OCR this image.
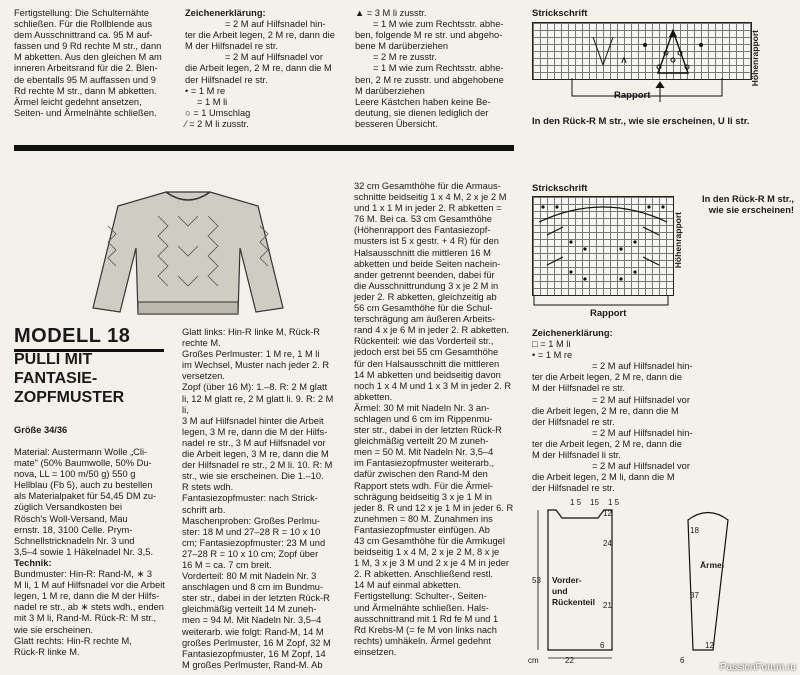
Fertigstellung: Die Schulternähte
schließen. Für die Rollblende aus
dem Ausschnittrand ca. 95 M auf-
fassen und 9 Rd rechte M str., dann
M abketten. Aus den gleichen M am
inneren Arbeitsrand für die 2. Blen-
de ebentalls 95 M auffassen und 9
Rd rechte M str., dann M abketten.
Ärmel leicht gedehnt ansetzen,
Seiten- und Ärmelnähte schließen.
Zeichenerklärung:
= 2 M auf Hilfsnadel hin-
ter die Arbeit legen, 2 M re, dann die
M der Hilfsnadel re str.
= 2 M auf Hilfsnadel vor
die Arbeit legen, 2 M re, dann die M
der Hilfsnadel re str.
• = 1 M re
= 1 M li
○ = 1 Umschlag
⁄ = 2 M li zusstr.
▲ = 3 M li zusstr.
= 1 M wie zum Rechtsstr. abhe-
ben, folgende M re str. und abgeho-
bene M darüberziehen
= 2 M re zusstr.
= 1 M wie zum Rechtsstr. abhe-
ben, 2 M re zusstr. und abgehobene
M darüberziehen
Leere Kästchen haben keine Be-
deutung, sie dienen lediglich der
besseren Übersicht.
Strickschrift
ʌ	Höhenrapport
Rapport
In den Rück-R M str., wie sie erscheinen, U li str.
MODELL 18
PULLI MIT
FANTASIE-
ZOPFMUSTER
Größe 34/36
Material: Austermann Wolle „Cli-
mate" (50% Baumwolle, 50% Du-
nova, LL = 100 m/50 g) 550 g
Hellblau (Fb 5), auch zu bestellen
als Materialpaket für 54,45 DM zu-
züglich Versandkosten bei
Rösch's Woll-Versand, Mau
ernstr. 18, 3100 Celle. Prym-
Schnellstricknadeln Nr. 3 und
3,5–4 sowie 1 Häkelnadel Nr. 3,5.
Technik:
Bundmuster: Hin-R: Rand-M, ∗ 3
M li, 1 M auf Hilfsnadel vor die Arbeit
legen, 1 M re, dann die M der Hilfs-
nadel re str., ab ∗ stets wdh., enden
mit 3 M li, Rand-M. Rück-R: M str.,
wie sie erscheinen.
Glatt rechts: Hin-R rechte M,
Rück-R linke M.
Glatt links: Hin-R linke M, Rück-R
rechte M.
Großes Perlmuster: 1 M re, 1 M li
im Wechsel, Muster nach jeder 2. R
versetzen.
Zopf (über 16 M): 1.–8. R: 2 M glatt
li, 12 M glatt re, 2 M glatt li. 9. R: 2 M li,
3 M auf Hilfsnadel hinter die Arbeit
legen, 3 M re, dann die M der Hilfs-
nadel re str., 3 M auf Hilfsnadel vor
die Arbeit legen, 3 M re, dann die M
der Hilfsnadel re str., 2 M li. 10. R: M
str., wie sie erscheinen. Die 1.–10.
R stets wdh.
Fantasiezopfmuster: nach Strick-
schrift arb.
Maschenproben: Großes Perlmu-
ster: 18 M und 27–28 R = 10 x 10
cm; Fantasiezopfmuster: 23 M und
27–28 R = 10 x 10 cm; Zopf über
16 M = ca. 7 cm breit.
Vorderteil: 80 M mit Nadeln Nr. 3
anschlagen und 8 cm im Bundmu-
ster str., dabei in der letzten Rück-R
gleichmäßig verteilt 14 M zuneh-
men = 94 M. Mit Nadeln Nr. 3,5–4
weiterarb. wie folgt: Rand-M, 14 M
großes Perlmuster, 16 M Zopf, 32 M
Fantasiezopfmuster, 16 M Zopf, 14
M großes Perlmuster, Rand-M. Ab
32 cm Gesamthöhe für die Armaus-
schnitte beidseitig 1 x 4 M, 2 x je 2 M
und 1 x 1 M in jeder 2. R abketten =
76 M. Bei ca. 53 cm Gesamthöhe
(Höhenrapport des Fantasiezopf-
musters ist 5 x gestr. + 4 R) für den
Halsausschnitt die mittleren 16 M
abketten und beide Seiten nachein-
ander getrennt beenden, dabei für
die Ausschnittrundung 3 x je 2 M in
jeder 2. R abketten, gleichzeitig ab
56 cm Gesamthöhe für die Schul-
terschrägung am äußeren Arbeits-
rand 4 x je 6 M in jeder 2. R abketten.
Rückenteil: wie das Vorderteil str.,
jedoch erst bei 55 cm Gesamthöhe
für den Halsausschnitt die mittleren
14 M abketten und beidseitig davon
noch 1 x 4 M und 1 x 3 M in jeder 2. R
abketten.
Ärmel: 30 M mit Nadeln Nr. 3 an-
schlagen und 6 cm im Rippenmu-
ster str., dabei in der letzten Rück-R
gleichmäßig verteilt 20 M zuneh-
men = 50 M. Mit Nadeln Nr. 3,5–4
im Fantasiezopfmuster weiterarb.,
dafür zwischen den Rand-M den
Rapport stets wdh. Für die Ärmel-
schrägung beidseitig 3 x je 1 M in
jeder 8. R und 12 x je 1 M in jeder 6. R
zunehmen = 80 M. Zunahmen ins
Fantasiezopfmuster einfügen. Ab
43 cm Gesamthöhe für die Armkugel
beidseitig 1 x 4 M, 2 x je 2 M, 8 x je
1 M, 3 x je 3 M und 2 x je 4 M in jeder
2. R abketten. Anschließend restl.
14 M auf einmal abketten.
Fertigstellung: Schulter-, Seiten-
und Ärmelnähte schließen. Hals-
ausschnittrand mit 1 Rd fe M und 1
Rd Krebs-M (= fe M von links nach
rechts) umhäkeln. Ärmel gedehnt
einsetzen.
Strickschrift
Höhenrapport
Rapport
In den Rück-R M str., wie sie erscheinen!
Zeichenerklärung:
□ = 1 M li
• = 1 M re
= 2 M auf Hilfsnadel hin-
ter die Arbeit legen, 2 M re, dann die
M der Hilfsnadel re str.
= 2 M auf Hilfsnadel vor
die Arbeit legen, 2 M re, dann die M
der Hilfsnadel re str.
= 2 M auf Hilfsnadel hin-
ter die Arbeit legen, 2 M re, dann die
M der Hilfsnadel li str.
= 2 M auf Hilfsnadel vor
die Arbeit legen, 2 M li, dann die M
der Hilfsnadel re str.
Vorder- und Rückenteil
Ärmel
12
24
53
21
6
22
cm
18
37
12
1 5 15 1 5
6
PassionForum.ru
